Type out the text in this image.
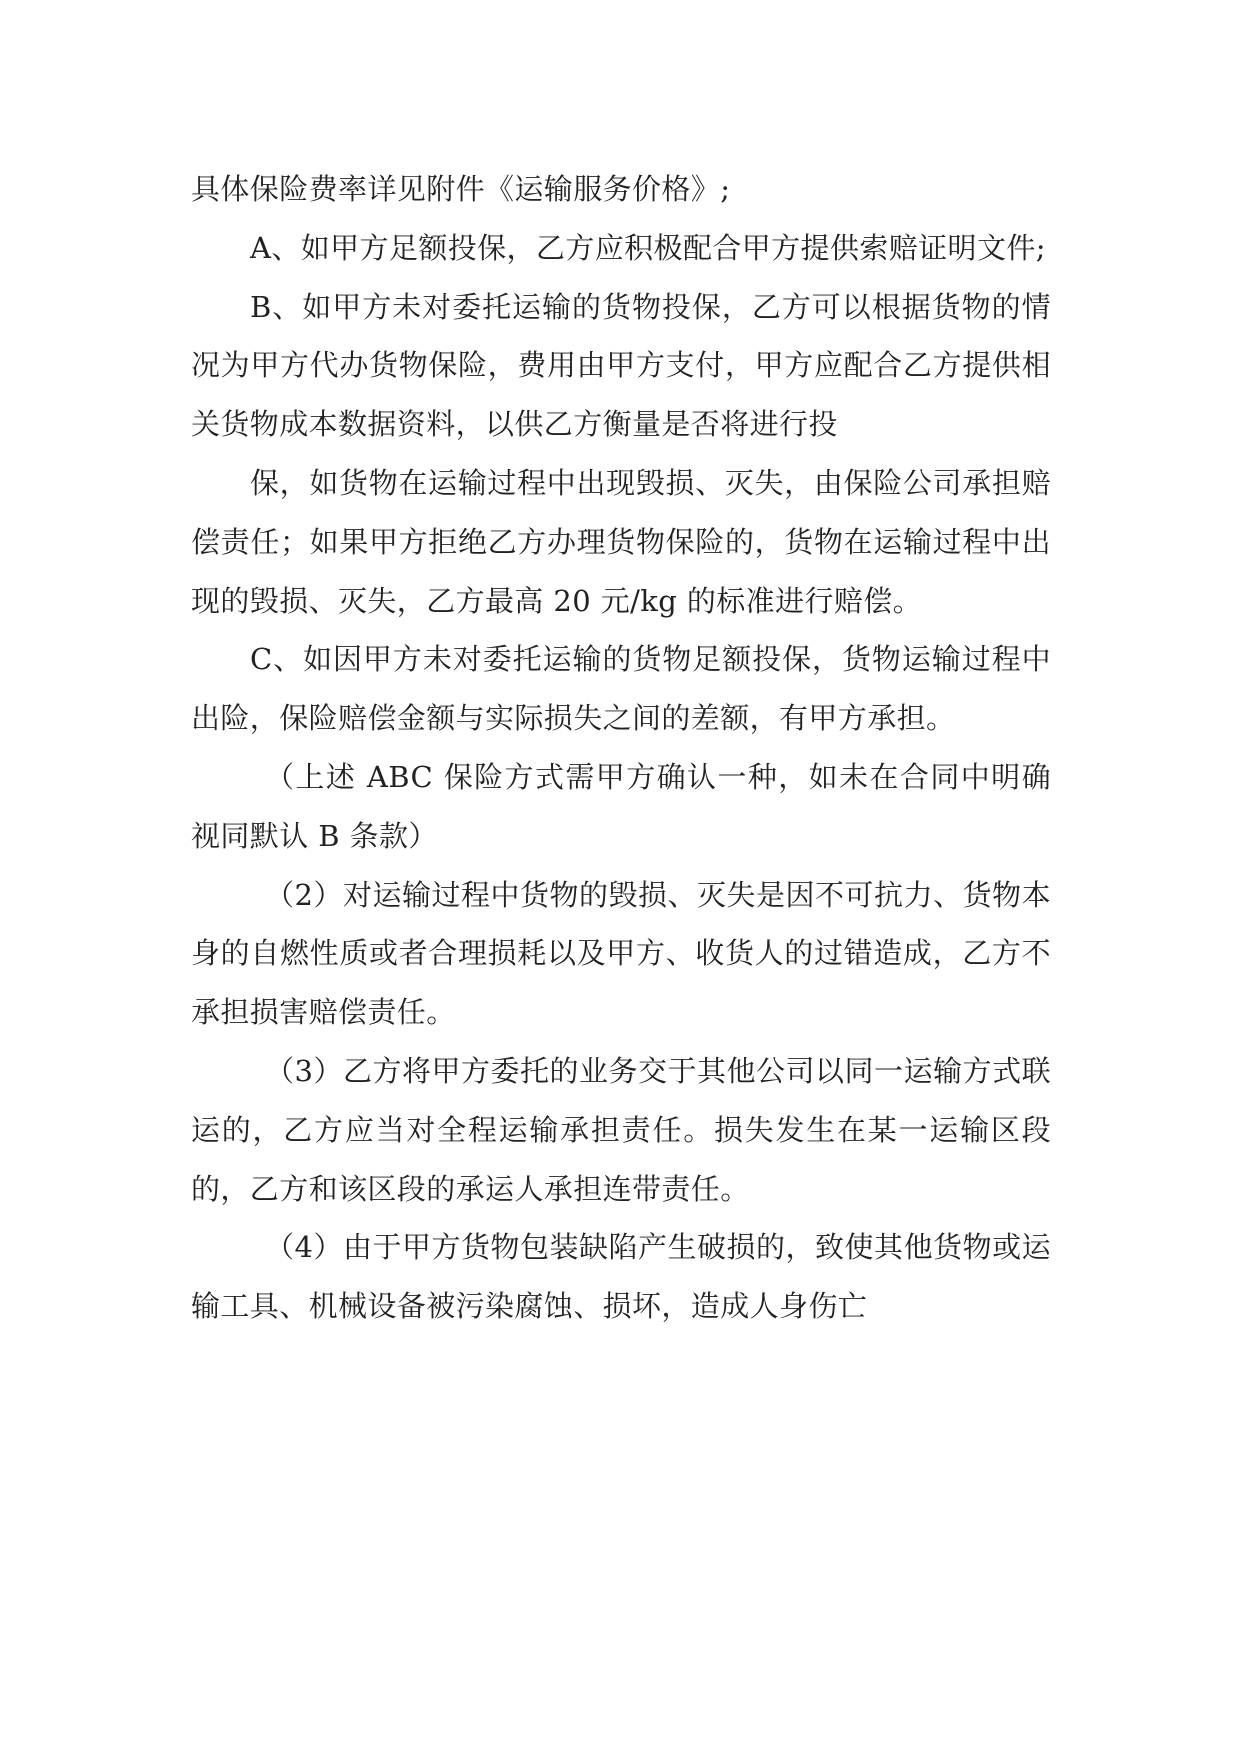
具体保险费率详见附件《运输服务价格》;

A、如甲方足额投保，乙方应积极配合甲方提供索赔证明文件;

B、如甲方未对委托运输的货物投保，乙方可以根据货物的情况为甲方代办货物保险，费用由甲方支付，甲方应配合乙方提供相关货物成本数据资料，以供乙方衡量是否将进行投

保，如货物在运输过程中出现毁损、灭失，由保险公司承担赔偿责任；如果甲方拒绝乙方办理货物保险的，货物在运输过程中出现的毁损、灭失，乙方最高 20 元/kg 的标准进行赔偿。

C、如因甲方未对委托运输的货物足额投保，货物运输过程中出险，保险赔偿金额与实际损失之间的差额，有甲方承担。

（上述 ABC 保险方式需甲方确认一种，如未在合同中明确视同默认 B 条款）

（2）对运输过程中货物的毁损、灭失是因不可抗力、货物本身的自燃性质或者合理损耗以及甲方、收货人的过错造成，乙方不承担损害赔偿责任。

（3）乙方将甲方委托的业务交于其他公司以同一运输方式联运的，乙方应当对全程运输承担责任。损失发生在某一运输区段的，乙方和该区段的承运人承担连带责任。

（4）由于甲方货物包装缺陷产生破损的，致使其他货物或运输工具、机械设备被污染腐蚀、损坏，造成人身伤亡
